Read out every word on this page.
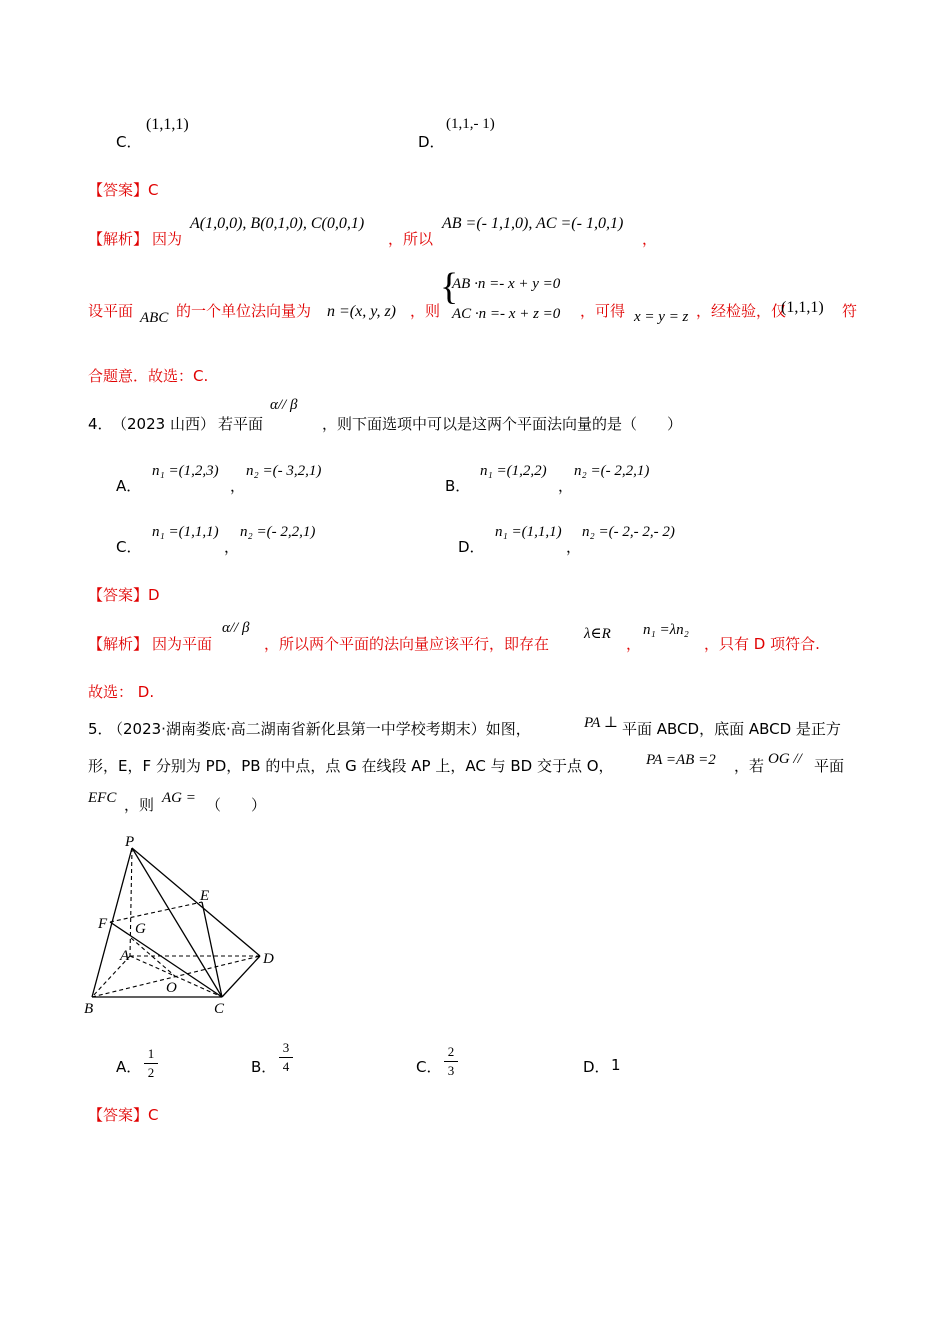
C．
(1,1,1)
D．
(1,1,- 1)
【答案】C
【解析】 因为
A(1,0,0), B(0,1,0), C(0,0,1)
，所以
AB =(- 1,1,0), AC =(- 1,0,1)
，
设平面 ABC 的一个单位法向量为 n =(x, y, z) ，则
{
AB ·n =- x + y =0
AC ·n =- x + z =0 ，可得 x = y = z ，经检验，仅
(1,1,1) 符
合题意．故选：C.
4． （2023 山西） 若平面
α// β
，则下面选项中可以是这两个平面法向量的是（　　）
A．
n₁ =(1,2,3)
，
n₂ =(- 3,2,1)
B．
n₁ =(1,2,2)
，
n₂ =(- 2,2,1)
C．
n₁ =(1,1,1)
，
n₂ =(- 2,2,1)
D．
n₁ =(1,1,1)
，
n₂ =(- 2,- 2,- 2)
【答案】D
【解析】 因为平面
α// β
，所以两个平面的法向量应该平行，即存在
λ∈R
，
n₁ =λn₂
，只有 D 项符合.
故选： D.
5．
（2023·湖南娄底·高二湖南省新化县第一中学校考期末）如图，	PA ⊥ 平面 ABCD，底面 ABCD 是正方
形，E，F 分别为 PD，PB 的中点，点 G 在线段 AP 上，AC 与 BD 交于点 O， PA =AB =2 ，若 OG // 平面
EFC ，则 AG = （　　）
P
E
F G
A	D
O
B	C
A．
1
2	B．
3
4	C．
2
3	D． 1
【答案】C
